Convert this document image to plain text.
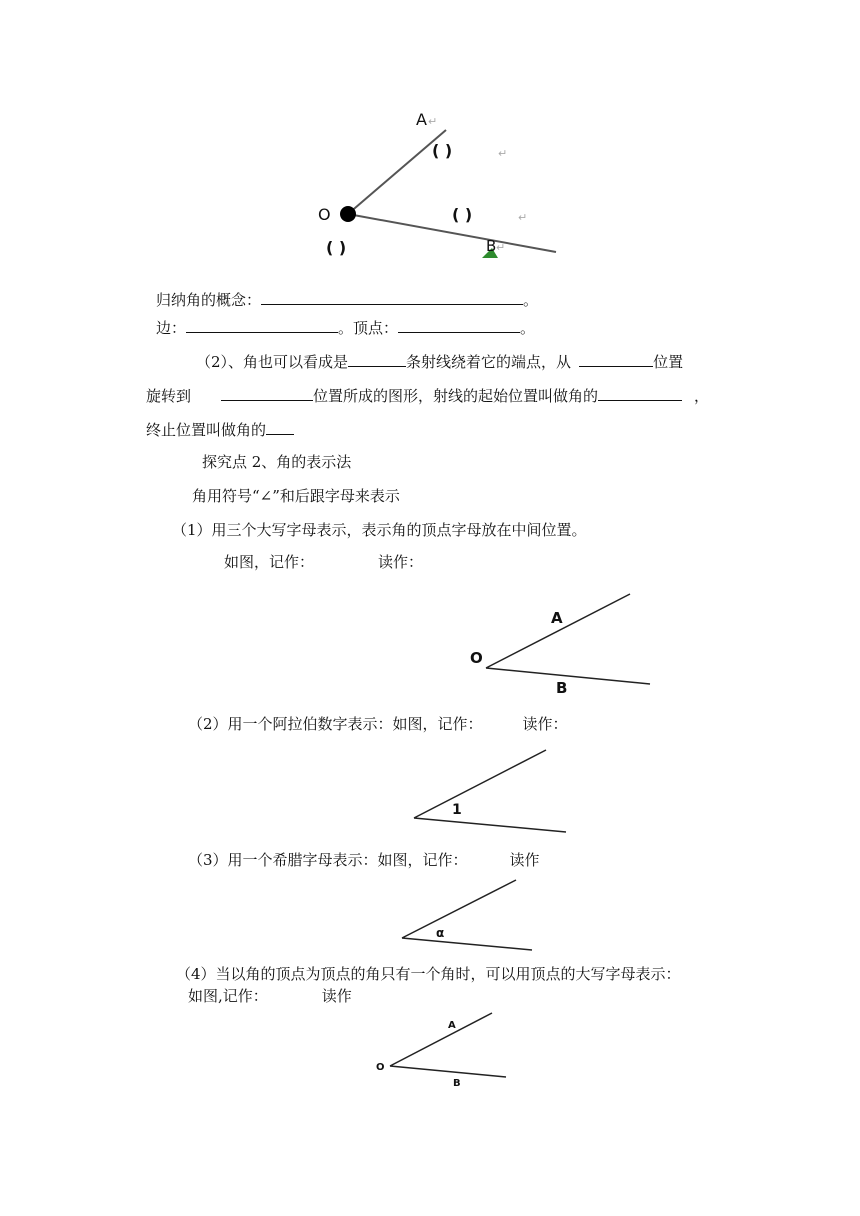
A ↵
( )	↵
O	( )	↵
( )	B ↵
归纳角的概念：	。
边：	。顶点：	。
（2）、角也可以看成是	条射线绕着它的端点，从	位置
旋转到	位置所成的图形，射线的起始位置叫做角的	，
终止位置叫做角的
探究点 2、角的表示法
角用符号“∠”和后跟字母来表示
（1）用三个大写字母表示，表示角的顶点字母放在中间位置。
如图，记作：	读作：
A
O
B
（2）用一个阿拉伯数字表示：如图，记作：	读作：
1
（3）用一个希腊字母表示：如图，记作：	读作
α
（4）当以角的顶点为顶点的角只有一个角时，可以用顶点的大写字母表示：
如图,记作：	读作
A
O
B
